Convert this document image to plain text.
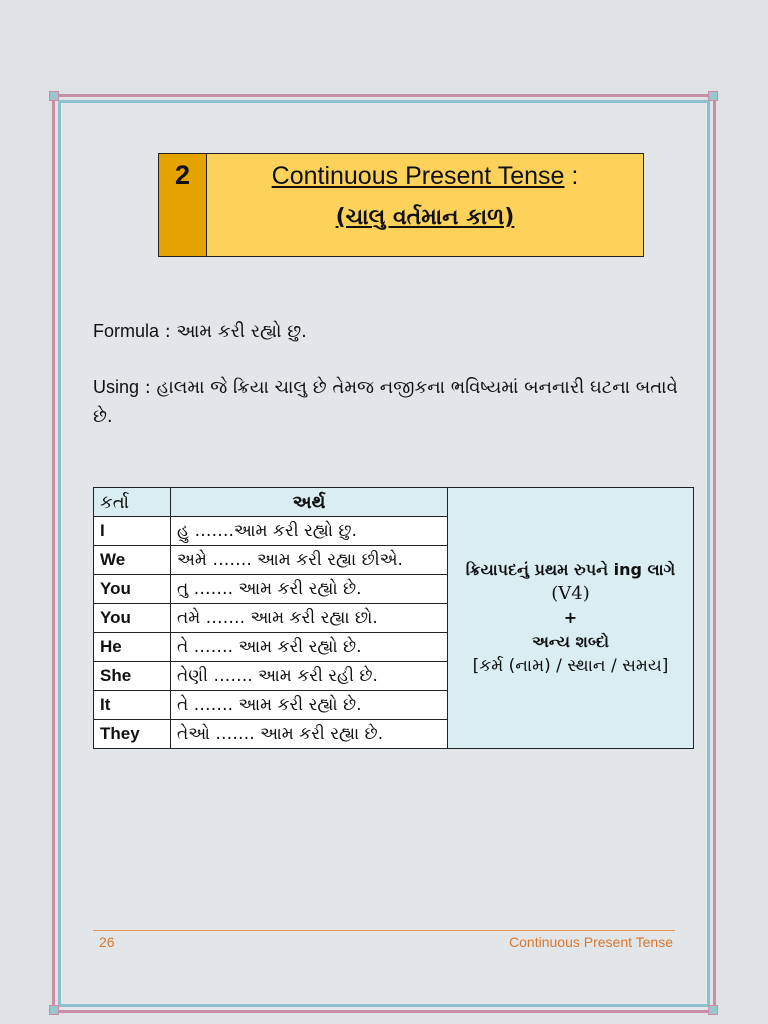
2	Continuous Present Tense :
(ચાલુ વર્તમાન કાળ)
Formula : આમ કરી રહ્યો છુ.
Using : હાલમા જે ક્રિયા ચાલુ છે તેમજ નજીકના ભવિષ્યમાં બનનારી ઘટના બતાવે છે.
કર્તા	અર્થ	ક્રિયાપદનું પ્રથમ રુપને ing લાગે
(V4)
+
અન્ય શબ્દો
[કર્મ (નામ) / સ્થાન / સમય]

I	હુ …….આમ કરી રહ્યો છુ.	
We	અમે ……. આમ કરી રહ્યા છીએ.	
You	તુ ……. આમ કરી રહ્યો છે.	
You	તમે ……. આમ કરી રહ્યા છો.	
He	તે ……. આમ કરી રહ્યો છે.	
She	તેણી ……. આમ કરી રહી છે.	
It	તે ……. આમ કરી રહ્યો છે.	
They	તેઓ ……. આમ કરી રહ્યા છે.	
26	Continuous Present Tense
